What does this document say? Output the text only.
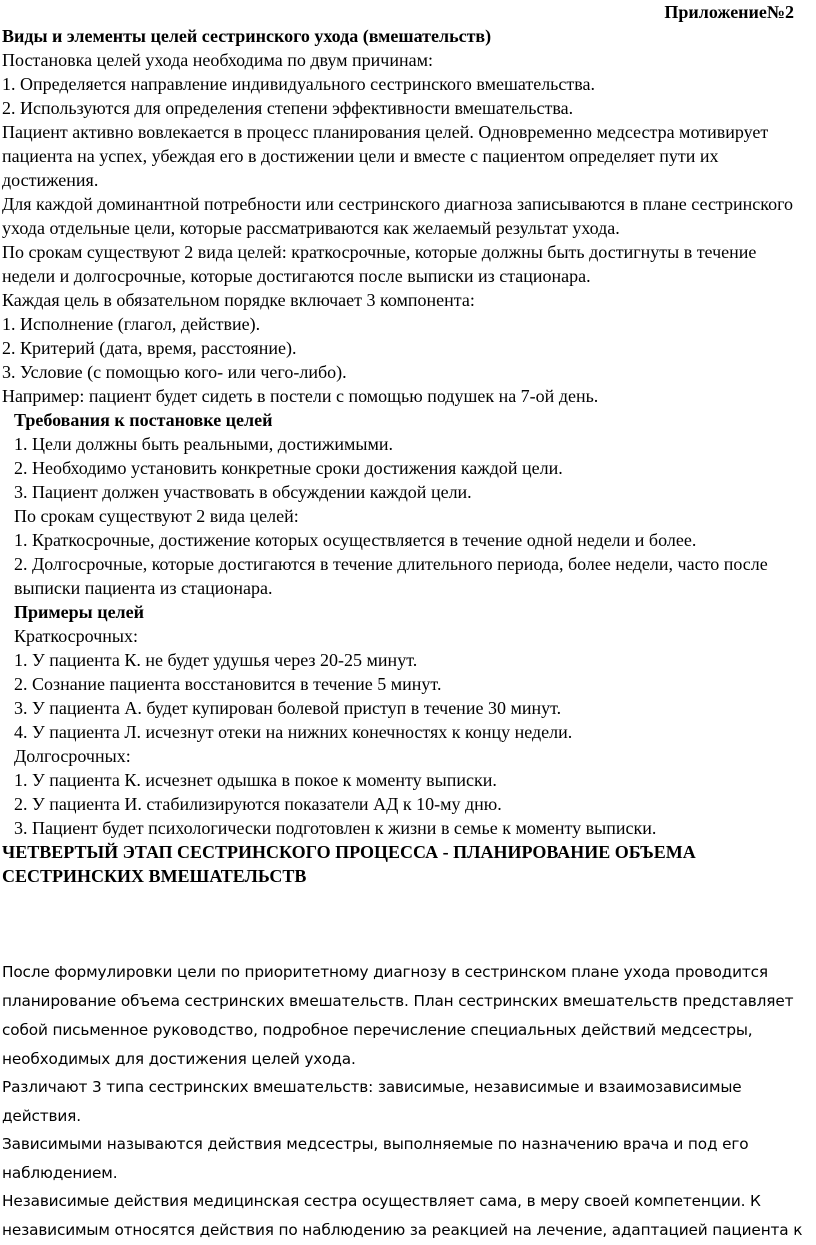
Приложение№2

Виды и элементы целей сестринского ухода (вмешательств)

Постановка целей ухода необходима по двум причинам:

1. Определяется направление индивидуального сестринского вмешательства.

2. Используются для определения степени эффективности вмешательства.

Пациент активно вовлекается в процесс планирования целей. Одновременно медсестра мотивирует пациента на успех, убеждая его в достижении цели и вместе с пациентом определяет пути их достижения.

Для каждой доминантной потребности или сестринского диагноза записываются в плане сестринского ухода отдельные цели, которые рассматриваются как желаемый результат ухода.

По срокам существуют 2 вида целей: краткосрочные, которые должны быть достигнуты в течение недели и долгосрочные, которые достигаются после выписки из стационара.

Каждая цель в обязательном порядке включает 3 компонента:

1. Исполнение (глагол, действие).

2. Критерий (дата, время, расстояние).

3. Условие (с помощью кого- или чего-либо).

Например: пациент будет сидеть в постели с помощью подушек на 7-ой день.

Требования к постановке целей

1. Цели должны быть реальными, достижимыми.

2. Необходимо установить конкретные сроки достижения каждой цели.

3. Пациент должен участвовать в обсуждении каждой цели.

По срокам существуют 2 вида целей:

1. Краткосрочные, достижение которых осуществляется в течение одной недели и более.

2. Долгосрочные, которые достигаются в течение длительного периода, более недели, часто после выписки пациента из стационара.

Примеры целей

Краткосрочных:

1. У пациента К. не будет удушья через 20-25 минут.

2. Сознание пациента восстановится в течение 5 минут.

3. У пациента А. будет купирован болевой приступ в течение 30 минут.

4. У пациента Л. исчезнут отеки на нижних конечностях к концу недели.

Долгосрочных:

1. У пациента К. исчезнет одышка в покое к моменту выписки.

2. У пациента И. стабилизируются показатели АД к 10-му дню.

3. Пациент будет психологически подготовлен к жизни в семье к моменту выписки.

ЧЕТВЕРТЫЙ ЭТАП СЕСТРИНСКОГО ПРОЦЕССА - ПЛАНИРОВАНИЕ ОБЪЕМА СЕСТРИНСКИХ ВМЕШАТЕЛЬСТВ

После формулировки цели по приоритетному диагнозу в сестринском плане ухода проводится планирование объема сестринских вмешательств. План сестринских вмешательств представляет собой письменное руководство, подробное перечисление специальных действий медсестры, необходимых для достижения целей ухода.

Различают 3 типа сестринских вмешательств: зависимые, независимые и взаимозависимые действия.

Зависимыми называются действия медсестры, выполняемые по назначению врача и под его наблюдением.

Независимые действия медицинская сестра осуществляет сама, в меру своей компетенции. К независимым относятся действия по наблюдению за реакцией на лечение, адаптацией пациента к
